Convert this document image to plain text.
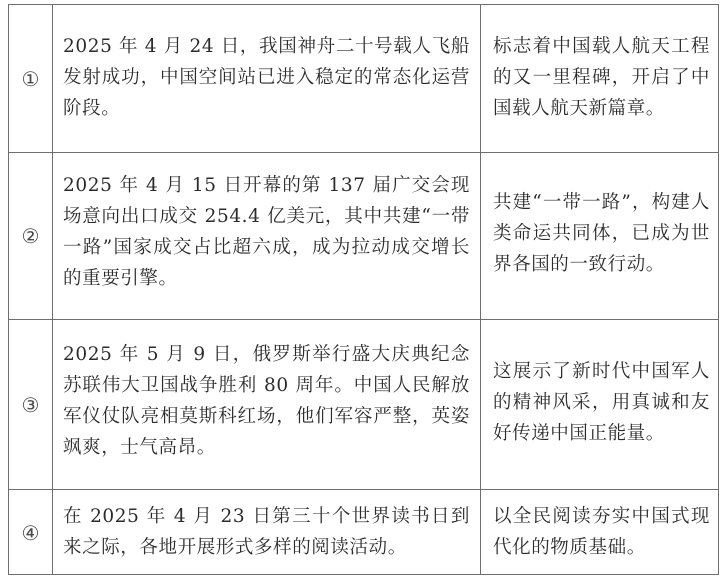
①
2025 年 4 月 24 日，我国神舟二十号载人飞船发射成功，中国空间站已进入稳定的常态化运营阶段。
标志着中国载人航天工程的又一里程碑，开启了中国载人航天新篇章。
②
2025 年 4 月 15 日开幕的第 137 届广交会现场意向出口成交 254.4 亿美元，其中共建“一带一路”国家成交占比超六成，成为拉动成交增长的重要引擎。
共建“一带一路”，构建人类命运共同体，已成为世界各国的一致行动。
③
2025 年 5 月 9 日，俄罗斯举行盛大庆典纪念苏联伟大卫国战争胜利 80 周年。中国人民解放军仪仗队亮相莫斯科红场，他们军容严整，英姿飒爽，士气高昂。
这展示了新时代中国军人的精神风采，用真诚和友好传递中国正能量。
④
在 2025 年 4 月 23 日第三十个世界读书日到来之际，各地开展形式多样的阅读活动。
以全民阅读夯实中国式现代化的物质基础。
